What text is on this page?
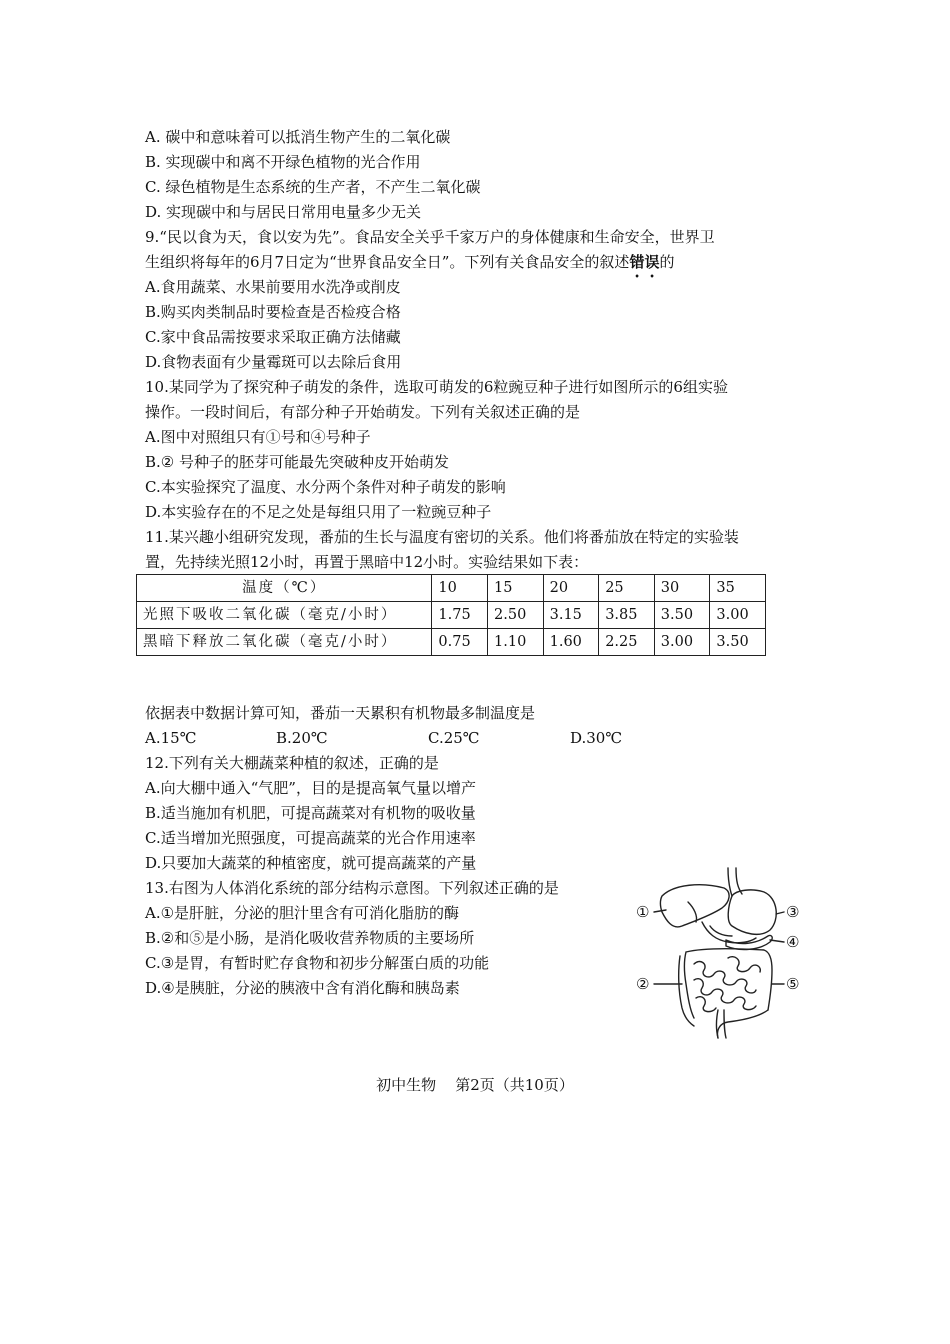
A. 碳中和意味着可以抵消生物产生的二氧化碳
B. 实现碳中和离不开绿色植物的光合作用
C. 绿色植物是生态系统的生产者，不产生二氧化碳
D. 实现碳中和与居民日常用电量多少无关
9.“民以食为天，食以安为先”。食品安全关乎千家万户的身体健康和生命安全，世界卫
生组织将每年的6月7日定为“世界食品安全日”。下列有关食品安全的叙述错误的
A.食用蔬菜、水果前要用水洗净或削皮
B.购买肉类制品时要检查是否检疫合格
C.家中食品需按要求采取正确方法储藏
D.食物表面有少量霉斑可以去除后食用
10.某同学为了探究种子萌发的条件，选取可萌发的6粒豌豆种子进行如图所示的6组实验
操作。一段时间后，有部分种子开始萌发。下列有关叙述正确的是
A.图中对照组只有①号和④号种子
B.② 号种子的胚芽可能最先突破种皮开始萌发
C.本实验探究了温度、水分两个条件对种子萌发的影响
D.本实验存在的不足之处是每组只用了一粒豌豆种子
11.某兴趣小组研究发现，番茄的生长与温度有密切的关系。他们将番茄放在特定的实验装
置，先持续光照12小时，再置于黑暗中12小时。实验结果如下表：
温度（℃）	10	15	20	25	30	35
光照下吸收二氧化碳（毫克/小时）	1.75	2.50	3.15	3.85	3.50	3.00
黑暗下释放二氧化碳（毫克/小时）	0.75	1.10	1.60	2.25	3.00	3.50
依据表中数据计算可知，番茄一天累积有机物最多制温度是
A.15℃	B.20℃	C.25℃	D.30℃
12.下列有关大棚蔬菜种植的叙述，正确的是
A.向大棚中通入“气肥”，目的是提高氧气量以增产
B.适当施加有机肥，可提高蔬菜对有机物的吸收量
C.适当增加光照强度，可提高蔬菜的光合作用速率
D.只要加大蔬菜的种植密度，就可提高蔬菜的产量
13.右图为人体消化系统的部分结构示意图。下列叙述正确的是
A.①是肝脏，分泌的胆汁里含有可消化脂肪的酶
B.②和⑤是小肠，是消化吸收营养物质的主要场所
C.③是胃，有暂时贮存食物和初步分解蛋白质的功能
D.④是胰脏，分泌的胰液中含有消化酶和胰岛素
①
②
③
④
⑤
初中生物    第2页（共10页）
